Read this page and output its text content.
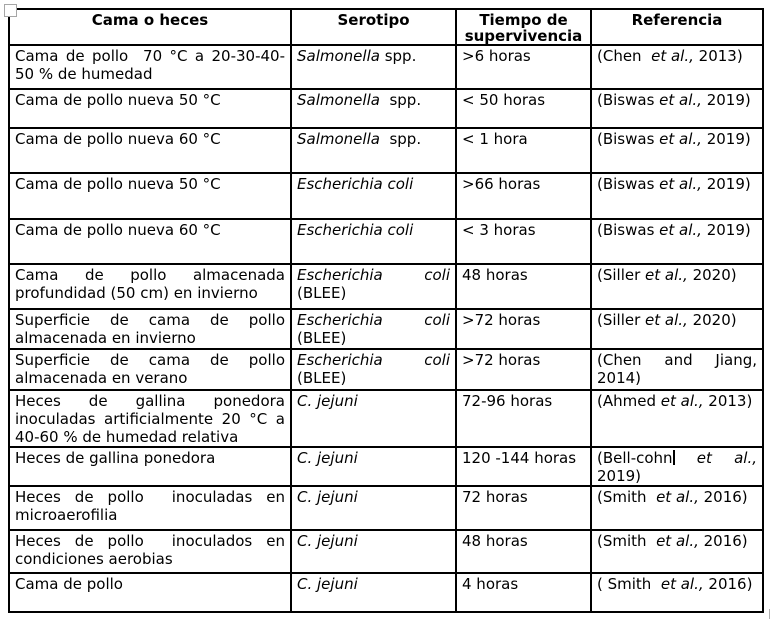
Cama o heces	Serotipo	Tiempo de supervivencia	Referencia
Cama de pollo  70 °C a 20-30-40-50 % de humedad	Salmonella spp.	>6 horas	(Chen  et al., 2013)
Cama de pollo nueva 50 °C	Salmonella  spp.	< 50 horas	(Biswas et al., 2019)
Cama de pollo nueva 60 °C	Salmonella  spp.	< 1 hora	(Biswas et al., 2019)
Cama de pollo nueva 50 °C	Escherichia coli	>66 horas	(Biswas et al., 2019)
Cama de pollo nueva 60 °C	Escherichia coli	< 3 horas	(Biswas et al., 2019)
Cama de pollo almacenada profundidad (50 cm) en invierno	Escherichia coli (BLEE)	48 horas	(Siller et al., 2020)
Superficie de cama de pollo almacenada en invierno	Escherichia coli (BLEE)	>72 horas	(Siller et al., 2020)
Superficie de cama de pollo almacenada en verano	Escherichia coli (BLEE)	>72 horas	(Chen and Jiang, 2014)
Heces de gallina ponedora inoculadas artificialmente 20 °C a 40-60 % de humedad relativa	C. jejuni	72-96 horas	(Ahmed et al., 2013)
Heces de gallina ponedora	C. jejuni	120 -144 horas	(Bell-cohn et al., 2019)
Heces de pollo  inoculadas en microaerofilia	C. jejuni	72 horas	(Smith  et al., 2016)
Heces de pollo  inoculados en condiciones aerobias	C. jejuni	48 horas	(Smith  et al., 2016)
Cama de pollo	C. jejuni	4 horas	( Smith  et al., 2016)
